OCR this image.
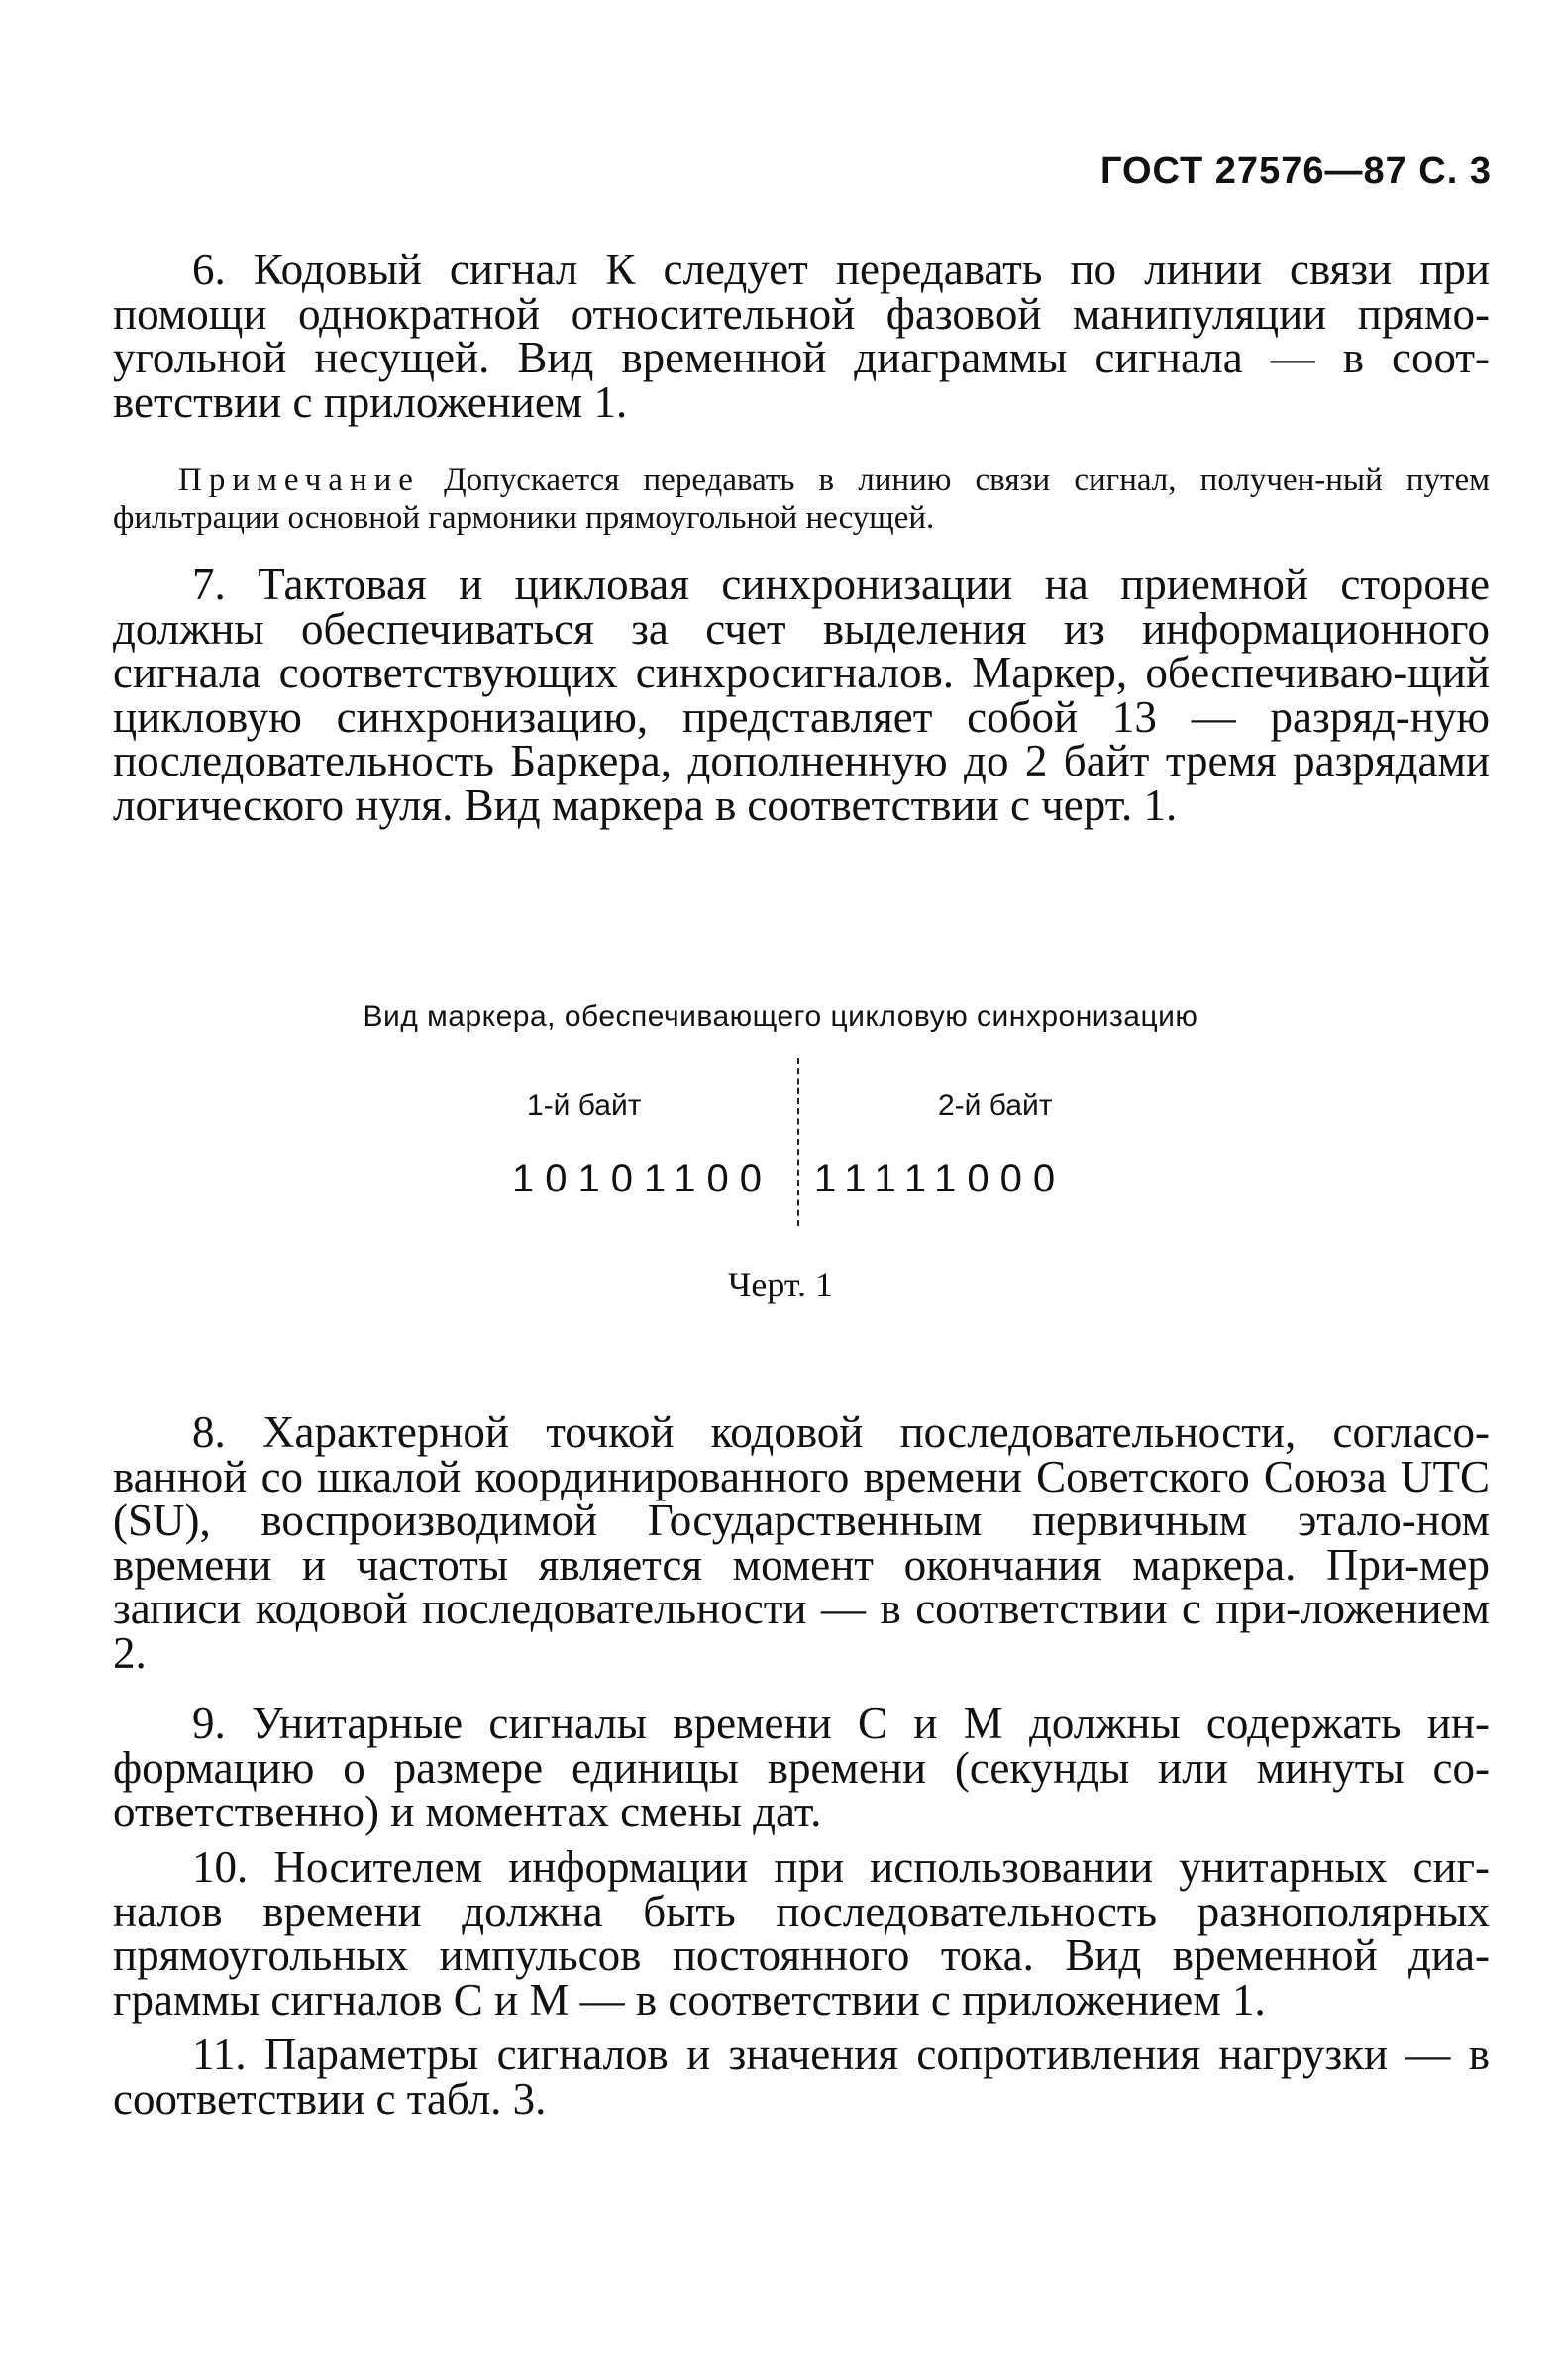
ГОСТ 27576—87 С. 3

6. Кодовый сигнал К следует передавать по линии связи при помощи однократной относительной фазовой манипуляции прямо-угольной несущей. Вид временной диаграммы сигнала — в соот-ветствии с приложением 1.

Примечание Допускается передавать в линию связи сигнал, получен-ный путем фильтрации основной гармоники прямоугольной несущей.

7. Тактовая и цикловая синхронизации на приемной стороне должны обеспечиваться за счет выделения из информационного сигнала соответствующих синхросигналов. Маркер, обеспечиваю-щий цикловую синхронизацию, представляет собой 13 — разряд-ную последовательность Баркера, дополненную до 2 байт тремя разрядами логического нуля. Вид маркера в соответствии с черт. 1.

Вид маркера, обеспечивающего цикловую синхронизацию
1-й байт	2-й байт
10101100 11111000
Черт. 1

8. Характерной точкой кодовой последовательности, согласо-ванной со шкалой координированного времени Советского Союза UTC (SU), воспроизводимой Государственным первичным этало-ном времени и частоты является момент окончания маркера. При-мер записи кодовой последовательности — в соответствии с при-ложением 2.

9. Унитарные сигналы времени С и М должны содержать ин-формацию о размере единицы времени (секунды или минуты со-ответственно) и моментах смены дат.

10. Носителем информации при использовании унитарных сиг-налов времени должна быть последовательность разнополярных прямоугольных импульсов постоянного тока. Вид временной диа-граммы сигналов С и М — в соответствии с приложением 1.

11. Параметры сигналов и значения сопротивления нагрузки — в соответствии с табл. 3.
